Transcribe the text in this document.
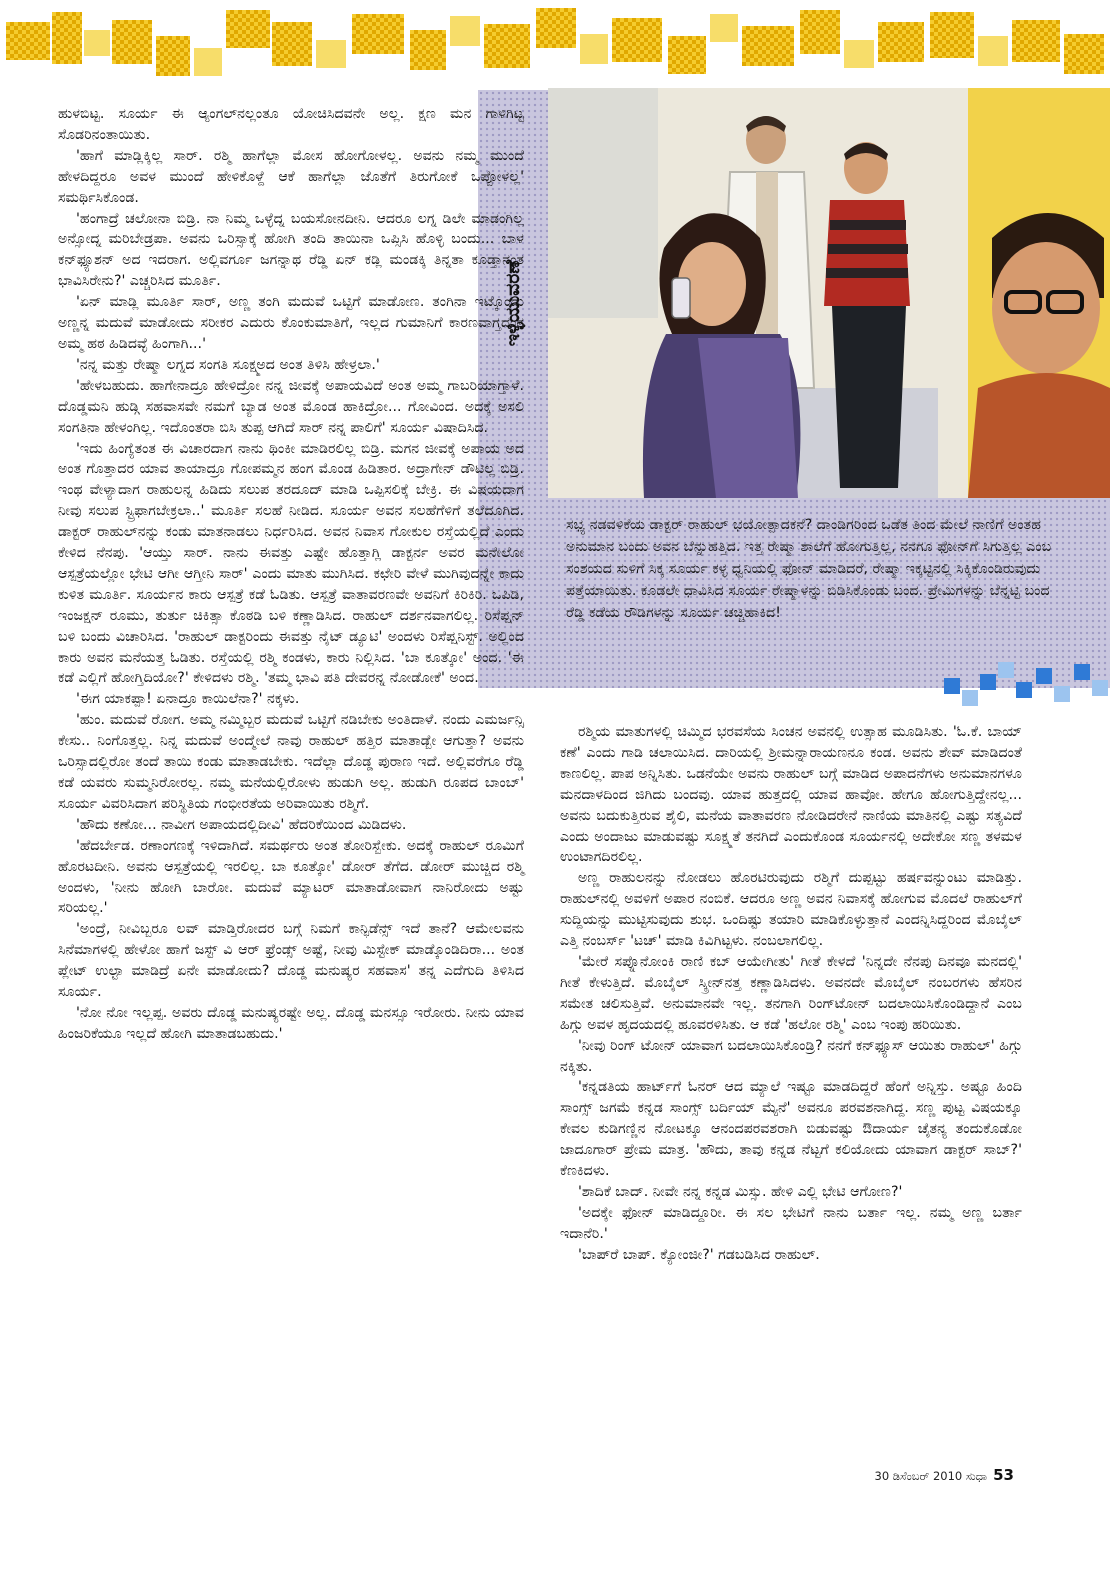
ಇಳ್ಳಿಯುವರಣೆ
ಸಭ್ಯ ನಡವಳಿಕೆಯ ಡಾಕ್ಟರ್ ರಾಹುಲ್ ಭಯೋತ್ಪಾದಕನೆ? ದಾಂಡಿಗರಿಂದ ಒಡೆತ ತಿಂದ ಮೇಲೆ ನಾಣಿಗೆ ಅಂತಹ ಅನುಮಾನ ಬಂದು ಅವನ ಬೆನ್ನುಹತ್ತಿದ. ಇತ್ತ ರೇಷ್ಮಾ ಶಾಲೆಗೆ ಹೋಗುತ್ತಿಲ್ಲ, ನನಗೂ ಫೋನ್‌ಗೆ ಸಿಗುತ್ತಿಲ್ಲ ಎಂಬ ಸಂಶಯದ ಸುಳಿಗೆ ಸಿಕ್ಕ ಸೂರ್ಯ ಕಳ್ಳ ಧ್ವನಿಯಲ್ಲಿ ಫೋನ್ ಮಾಡಿದರೆ, ರೇಷ್ಮಾ ಇಕ್ಕಟ್ಟಿನಲ್ಲಿ ಸಿಕ್ಕಿಕೊಂಡಿರುವುದು ಪತ್ತೆಯಾಯಿತು. ಕೂಡಲೇ ಧಾವಿಸಿದ ಸೂರ್ಯ ರೇಷ್ಮಾಳನ್ನು ಬಿಡಿಸಿಕೊಂಡು ಬಂದ. ಪ್ರೇಮಿಗಳನ್ನು ಬೆನ್ನಟ್ಟಿ ಬಂದ ರೆಡ್ಡಿ ಕಡೆಯ ರೌಡಿಗಳನ್ನು ಸೂರ್ಯ ಚಚ್ಚಿಹಾಕಿದ!

ಹುಳಬಿಟ್ಟ. ಸೂರ್ಯ ಈ ಆ್ಯಂಗಲ್‌ನಲ್ಲಂತೂ ಯೋಚಿಸಿದವನೇ ಅಲ್ಲ. ಕ್ಷಣ ಮನ ಗಾಳಿಗಿಟ್ಟ ಸೊಡರಿನಂತಾಯಿತು.

'ಹಾಗೆ ಮಾಡ್ಲಿಕ್ಕಿಲ್ಲ ಸಾರ್. ರಶ್ಮಿ ಹಾಗೆಲ್ಲಾ ಮೋಸ ಹೋಗೋಳಲ್ಲ. ಅವನು ನಮ್ಮ ಮುಂದೆ ಹೇಳದಿದ್ದರೂ ಅವಳ ಮುಂದೆ ಹೇಳಿಕೊಳ್ದೆ ಆಕೆ ಹಾಗೆಲ್ಲಾ ಜೊತೆಗೆ ತಿರುಗೋಕೆ ಒಪ್ಪೋಳಲ್ಲ' ಸಮರ್ಥಿಸಿಕೊಂಡ.

'ಹಂಗಾದ್ರೆ ಚಲೋನಾ ಬಿಡ್ರಿ. ನಾ ನಿಮ್ಮ ಒಳ್ಳೆದ್ನ ಬಯಸೋನದೀನಿ. ಆದರೂ ಲಗ್ನ ಡಿಲೇ ಮಾಡಂಗಿಲ್ಲ ಅನ್ಸೋದ್ನ ಮರಿಬೇಡ್ರಪಾ. ಅವನು ಒರಿಸ್ಸಾಕ್ಕೆ ಹೋಗಿ ತಂದಿ ತಾಯಿನಾ ಒಪ್ಸಿಸಿ ಹೊಳ್ಳಿ ಬಂದು... ಬಾಳ ಕನ್‌ಫ್ಯೂಶನ್ ಅದ ಇದರಾಗ. ಅಲ್ಲಿವರ್ಗೂ ಜಗನ್ನಾಥ ರೆಡ್ಡಿ ಏನ್ ಕಡ್ಲಿ ಮಂಡಕ್ಕಿ ತಿನ್ನತಾ ಕೂಡ್ತಾನಂತ ಭಾವಿಸಿರೇನು?' ಎಚ್ಚರಿಸಿದ ಮೂರ್ತಿ.

'ಏನ್ ಮಾಡ್ಲಿ ಮೂರ್ತಿ ಸಾರ್, ಅಣ್ಣ ತಂಗಿ ಮದುವೆ ಒಟ್ಟಿಗೆ ಮಾಡೋಣ. ತಂಗಿನಾ ಇಟ್ಕೊಂಡು ಅಣ್ಣನ್ನ ಮದುವೆ ಮಾಡೋದು ಸರೀಕರ ಎದುರು ಕೊಂಕುಮಾತಿಗೆ, ಇಲ್ಲದ ಗುಮಾನಿಗೆ ಕಾರಣವಾಗ್ತದಂತ ಅಮ್ಮ ಹಠ ಹಿಡಿದವ್ಳೆ ಹಿಂಗಾಗಿ...'

'ನನ್ನ ಮತ್ತು ರೇಷ್ಮಾ ಲಗ್ನದ ಸಂಗತಿ ಸೂಕ್ಷ್ಮಅದ ಅಂತ ತಿಳಿಸಿ ಹೇಳ್ರಲಾ.'

'ಹೇಳಬಹುದು. ಹಾಗೇನಾದ್ರೂ ಹೇಳಿದ್ರೋ ನನ್ನ ಜೀವಕ್ಕೆ ಅಪಾಯವಿದೆ ಅಂತ ಅಮ್ಮ ಗಾಬರಿಯಾಗ್ತಾಳೆ. ದೊಡ್ಡಮನಿ ಹುಡ್ಗಿ ಸಹವಾಸವೇ ನಮಗೆ ಬ್ಯಾಡ ಅಂತ ಮೊಂಡ ಹಾಕಿದ್ರೋ... ಗೋವಿಂದ. ಅದಕ್ಕೆ ಅಸಲಿ ಸಂಗತಿನಾ ಹೇಳಂಗಿಲ್ಲ. ಇದೊಂತರಾ ಬಿಸಿ ತುಪ್ಪ ಆಗಿದೆ ಸಾರ್ ನನ್ನ ಪಾಲಿಗೆ' ಸೂರ್ಯ ವಿಷಾದಿಸಿದ.

'ಇದು ಹಿಂಗ್ಯೆತಂತ ಈ ವಿಚಾರದಾಗ ನಾನು ಥಿಂಕೀ ಮಾಡಿರಲಿಲ್ಲ ಬಿಡ್ರಿ. ಮಗನ ಜೀವಕ್ಕೆ ಅಪಾಯ ಅದ ಅಂತ ಗೊತ್ತಾದರ ಯಾವ ತಾಯಾದ್ರೂ ಗೋಪಮ್ಮನ ಹಂಗ ಮೊಂಡ ಹಿಡಿತಾರ. ಅದ್ರಾಗೇನ್ ಡೌಟಿಲ್ಲ ಬಿಡ್ರಿ. ಇಂಥ ವೇಳ್ಯಾದಾಗ ರಾಹುಲನ್ನ ಹಿಡಿದು ಸಲುಪ ತರದೂದ್ ಮಾಡಿ ಒಪ್ಪಿಸಲಿಕ್ಕೆ ಬೇಕ್ರಿ. ಈ ವಿಷಯದಾಗ ನೀವು ಸಲುಪ ಸ್ಟ್ರಿಫಾಗಬೇಕ್ರಲಾ..' ಮೂರ್ತಿ ಸಲಹೆ ನೀಡಿದ. ಸೂರ್ಯ ಅವನ ಸಲಹೆಗೆಳಿಗೆ ತಲೆದೂಗಿದ. ಡಾಕ್ಟರ್ ರಾಹುಲ್‌ನನ್ನು ಕಂಡು ಮಾತನಾಡಲು ನಿರ್ಧರಿಸಿದ. ಅವನ ನಿವಾಸ ಗೋಕುಲ ರಸ್ತೆಯಲ್ಲಿದೆ ಎಂದು ಕೇಳಿದ ನೆನಪು. 'ಆಯ್ತು ಸಾರ್. ನಾನು ಈವತ್ತು ಎಷ್ಟೇ ಹೊತ್ತಾಗ್ಲಿ ಡಾಕ್ಟರ್ನ ಅವರ ಮನೇಲೋ ಆಸ್ಪತ್ರೆಯಲ್ಲೋ ಭೇಟಿ ಆಗೀ ಆಗ್ತೀನಿ ಸಾರ್' ಎಂದು ಮಾತು ಮುಗಿಸಿದ. ಕಛೇರಿ ವೇಳೆ ಮುಗಿವುದನ್ನೇ ಕಾದು ಕುಳಿತ ಮೂರ್ತಿ. ಸೂರ್ಯನ ಕಾರು ಆಸ್ಪತ್ರೆ ಕಡೆ ಓಡಿತು. ಆಸ್ಪತ್ರೆ ವಾತಾವರಣವೇ ಅವನಿಗೆ ಕಿರಿಕಿರಿ. ಒಪಿಡಿ, ಇಂಜಕ್ಷನ್ ರೂಮು, ತುರ್ತು ಚಿಕಿತ್ಸಾ ಕೊಠಡಿ ಬಳಿ ಕಣ್ಣಾಡಿಸಿದ. ರಾಹುಲ್ ದರ್ಶನವಾಗಲಿಲ್ಲ. ರಿಸೆಪ್ಷನ್ ಬಳಿ ಬಂದು ವಿಚಾರಿಸಿದ. 'ರಾಹುಲ್ ಡಾಕ್ಟರಿಂದು ಈವತ್ತು ನೈಟ್ ಡ್ಯೂಟಿ' ಅಂದಳು ರಿಸೆಪ್ಷನಿಸ್ಟ್. ಅಲ್ಲಿಂದ ಕಾರು ಅವನ ಮನೆಯತ್ತ ಓಡಿತು. ರಸ್ತೆಯಲ್ಲಿ ರಶ್ಮಿ ಕಂಡಳು, ಕಾರು ನಿಲ್ಲಿಸಿದ. 'ಬಾ ಕೂತ್ಕೋ' ಅಂದ. 'ಈ ಕಡೆ ಎಲ್ಲಿಗೆ ಹೋಗ್ತಿದಿಯೋ?' ಕೇಳಿದಳು ರಶ್ಮಿ. 'ತಮ್ಮ ಭಾವಿ ಪತಿ ದೇವರನ್ನ ನೋಡೋಕೆ' ಅಂದ.

'ಈಗ ಯಾಕಪ್ಪಾ! ಏನಾದ್ರೂ ಕಾಯಿಲೆನಾ?' ನಕ್ಕಳು.

'ಹುಂ. ಮದುವೆ ರೋಗ. ಅಮ್ಮ ನಮ್ಮಿಬ್ಬರ ಮದುವೆ ಒಟ್ಟಿಗೆ ನಡಿಬೇಕು ಅಂತಿದಾಳೆ. ನಂದು ಎಮರ್ಜನ್ಸಿ ಕೇಸು.. ನಿಂಗೊತ್ತಲ್ಲ. ನಿನ್ನ ಮದುವೆ ಅಂದ್ಮೇಲೆ ನಾವು ರಾಹುಲ್ ಹತ್ತಿರ ಮಾತಾಡ್ಬೇ ಆಗುತ್ತಾ? ಅವನು ಒರಿಸ್ಸಾದಲ್ಲಿರೋ ತಂದೆ ತಾಯಿ ಕಂಡು ಮಾತಾಡಬೇಕು. ಇದೆಲ್ಲಾ ದೊಡ್ಡ ಪುರಾಣ ಇದೆ. ಅಲ್ಲಿವರೆಗೂ ರೆಡ್ಡಿ ಕಡೆ ಯವರು ಸುಮ್ಮನಿರೋರಲ್ಲ. ನಮ್ಮ ಮನೆಯಲ್ಲಿರೋಳು ಹುಡುಗಿ ಅಲ್ಲ. ಹುಡುಗಿ ರೂಪದ ಬಾಂಬ್' ಸೂರ್ಯ ವಿವರಿಸಿದಾಗ ಪರಿಸ್ಥಿತಿಯ ಗಂಭೀರತೆಯ ಅರಿವಾಯಿತು ರಶ್ಮಿಗೆ.

'ಹೌದು ಕಣೋ... ನಾವೀಗ ಅಪಾಯದಲ್ಲಿದೀವಿ' ಹೆದರಿಕೆಯಿಂದ ಮಿಡಿದಳು.

'ಹೆದರ್ಬೇಡ. ರಣಾಂಗಣಕ್ಕೆ ಇಳಿದಾಗಿದೆ. ಸಮರ್ಥರು ಅಂತ ತೋರಿಸ್ಬೇಕು. ಅದಕ್ಕೆ ರಾಹುಲ್ ರೂಮಿಗೆ ಹೊರಟದೀನಿ. ಅವನು ಆಸ್ಪತ್ರೆಯಲ್ಲಿ ಇರಲಿಲ್ಲ. ಬಾ ಕೂತ್ಕೋ' ಡೋರ್ ತೆಗೆದ. ಡೋರ್ ಮುಚ್ಚಿದ ರಶ್ಮಿ ಅಂದಳು, 'ನೀನು ಹೋಗಿ ಬಾರೋ. ಮದುವೆ ಮ್ಯಾಟರ್ ಮಾತಾಡೋವಾಗ ನಾನಿರೋದು ಅಷ್ಟು ಸರಿಯಲ್ಲ.'

'ಅಂದ್ರೆ, ನೀವಿಬ್ಬರೂ ಲವ್ ಮಾಡ್ತಿರೋದರ ಬಗ್ಗೆ ನಿಮಗೆ ಕಾನ್ಫಿಡೆನ್ಸ್ ಇದೆ ತಾನೆ? ಆಮೇಲವನು ಸಿನೆಮಾಗಳಲ್ಲಿ ಹೇಳೋ ಹಾಗೆ ಜಸ್ಟ್ ವಿ ಆರ್ ಫ್ರೆಂಡ್ಸ್ ಅಷ್ಟೆ, ನೀವು ಮಿಸ್ಟೇಕ್ ಮಾಡ್ಕೊಂಡಿದಿರಾ... ಅಂತ ಪ್ಲೇಟ್ ಉಲ್ಟಾ ಮಾಡಿದ್ರೆ ಏನೇ ಮಾಡೋದು? ದೊಡ್ಡ ಮನುಷ್ಯರ ಸಹವಾಸ' ತನ್ನ ಎದೆಗುದಿ ತಿಳಿಸಿದ ಸೂರ್ಯ.

'ನೋ ನೋ ಇಲ್ಲಪ್ಪ. ಅವರು ದೊಡ್ಡ ಮನುಷ್ಯರಷ್ಟೇ ಅಲ್ಲ. ದೊಡ್ಡ ಮನಸ್ಸೂ ಇರೋರು. ನೀನು ಯಾವ ಹಿಂಜರಿಕೆಯೂ ಇಲ್ಲದೆ ಹೋಗಿ ಮಾತಾಡಬಹುದು.'

ರಶ್ಮಿಯ ಮಾತುಗಳಲ್ಲಿ ಚಿಮ್ಮಿದ ಭರವಸೆಯ ಸಿಂಚನ ಅವನಲ್ಲಿ ಉತ್ಸಾಹ ಮೂಡಿಸಿತು. 'ಓ.ಕೆ. ಬಾಯ್ ಕಣೆ' ಎಂದು ಗಾಡಿ ಚಲಾಯಿಸಿದ. ದಾರಿಯಲ್ಲಿ ಶ್ರೀಮನ್ನಾರಾಯಣನೂ ಕಂಡ. ಅವನು ಶೇವ್ ಮಾಡಿದಂತೆ ಕಾಣಲಿಲ್ಲ. ಪಾಪ ಅನ್ನಿಸಿತು. ಒಡನೆಯೇ ಅವನು ರಾಹುಲ್ ಬಗ್ಗೆ ಮಾಡಿದ ಅಪಾದನೆಗಳು ಅನುಮಾನಗಳೂ ಮನದಾಳದಿಂದ ಜಿಗಿದು ಬಂದವು. ಯಾವ ಹುತ್ತದಲ್ಲಿ ಯಾವ ಹಾವೋ. ಹೇಗೂ ಹೋಗುತ್ತಿದ್ದೇನಲ್ಲ... ಅವನು ಬದುಕುತ್ತಿರುವ ಶೈಲಿ, ಮನೆಯ ವಾತಾವರಣ ನೋಡಿದರೇನೆ ನಾಣಿಯ ಮಾತಿನಲ್ಲಿ ಎಷ್ಟು ಸತ್ಯವಿದೆ ಎಂದು ಅಂದಾಜು ಮಾಡುವಷ್ಟು ಸೂಕ್ಷ್ಮತೆ ತನಗಿದೆ ಎಂದುಕೊಂಡ ಸೂರ್ಯನಲ್ಲಿ ಅದೇಕೋ ಸಣ್ಣ ತಳಮಳ ಉಂಟಾಗದಿರಲಿಲ್ಲ.

ಅಣ್ಣ ರಾಹುಲನನ್ನು ನೋಡಲು ಹೊರಟಿರುವುದು ರಶ್ಮಿಗೆ ದುಪ್ಪಟ್ಟು ಹರ್ಷವನ್ನುಂಟು ಮಾಡಿತ್ತು. ರಾಹುಲ್‌ನಲ್ಲಿ ಅವಳಿಗೆ ಅಪಾರ ನಂಬಿಕೆ. ಆದರೂ ಅಣ್ಣ ಅವನ ನಿವಾಸಕ್ಕೆ ಹೋಗುವ ಮೊದಲೆ ರಾಹುಲ್‌ಗೆ ಸುದ್ದಿಯನ್ನು ಮುಟ್ಟಿಸುವುದು ಶುಭ. ಒಂದಿಷ್ಟು ತಯಾರಿ ಮಾಡಿಕೊಳ್ಳುತ್ತಾನೆ ಎಂದನ್ನಿಸಿದ್ದರಿಂದ ಮೊಬೈಲ್ ಎತ್ತಿ ನಂಬರ್ಸ್ 'ಟಚ್' ಮಾಡಿ ಕಿವಿಗಿಟ್ಟಳು. ನಂಬಲಾಗಲಿಲ್ಲ.

'ಮೇರೆ ಸಪ್ನೊನೋಂಕಿ ರಾಣಿ ಕಬ್ ಆಯೇಗೀತು' ಗೀತೆ ಕೇಳದೆ 'ನಿನ್ನದೇ ನೆನಪು ದಿನವೂ ಮನದಲ್ಲಿ' ಗೀತೆ ಕೇಳುತ್ತಿದೆ. ಮೊಬೈಲ್ ಸ್ಕ್ರೀನ್‌ನತ್ತ ಕಣ್ಣಾಡಿಸಿದಳು. ಅವನದೇ ಮೊಬೈಲ್ ನಂಬರಗಳು ಹೆಸರಿನ ಸಮೇತ ಚಲಿಸುತ್ತಿವೆ. ಅನುಮಾನವೇ ಇಲ್ಲ. ತನಗಾಗಿ ರಿಂಗ್‌ಟೋನ್ ಬದಲಾಯಿಸಿಕೊಂಡಿದ್ದಾನೆ ಎಂಬ ಹಿಗ್ಗು ಅವಳ ಹೃದಯದಲ್ಲಿ ಹೂವರಳಿಸಿತು. ಆ ಕಡೆ 'ಹಲೋ ರಶ್ಮಿ' ಎಂಬ ಇಂಪು ಹರಿಯಿತು.

'ನೀವು ರಿಂಗ್ ಟೋನ್ ಯಾವಾಗ ಬದಲಾಯಿಸಿಕೊಂಡ್ರಿ? ನನಗೆ ಕನ್‌ಫ್ಯೂಸ್ ಆಯಿತು ರಾಹುಲ್' ಹಿಗ್ಗು ನಕ್ಕಿತು.

'ಕನ್ನಡತಿಯ ಹಾರ್ಟ್‌ಗೆ ಓನರ್ ಆದ ಮ್ಯಾಲೆ ಇಷ್ಟೂ ಮಾಡದಿದ್ದರೆ ಹೆಂಗೆ ಅನ್ನಿಸ್ತು. ಅಷ್ಟೂ ಹಿಂದಿ ಸಾಂಗ್ಸ್ ಜಗಮೆ ಕನ್ನಡ ಸಾಂಗ್ಸ್ ಬರ್ದಿಯ್ ಮ್ಯೆನೆ' ಅವನೂ ಪರವಶನಾಗಿದ್ದ. ಸಣ್ಣ ಪುಟ್ಟ ವಿಷಯಕ್ಕೂ ಕೇವಲ ಕುಡಿಗಣ್ಣಿನ ನೋಟಕ್ಕೂ ಆನಂದಪರವಶರಾಗಿ ಬಿಡುವಷ್ಟು ಔದಾರ್ಯ ಚೈತನ್ಯ ತಂದುಕೊಡೋ ಜಾದೂಗಾರ್ ಪ್ರೇಮ ಮಾತ್ರ. 'ಹೌದು, ತಾವು ಕನ್ನಡ ನೆಟ್ಟಗೆ ಕಲಿಯೋದು ಯಾವಾಗ ಡಾಕ್ಟರ್ ಸಾಬ್?' ಕೆಣಕಿದಳು.

'ಶಾದಿಕೆ ಬಾದ್. ನೀವೇ ನನ್ನ ಕನ್ನಡ ಮಿಸ್ಸು. ಹೇಳಿ ಎಲ್ಲಿ ಭೇಟಿ ಆಗೋಣ?'

'ಅದಕ್ಕೇ ಫೋನ್ ಮಾಡಿದ್ದೂರೀ. ಈ ಸಲ ಭೇಟಿಗೆ ನಾನು ಬರ್ತಾ ಇಲ್ಲ. ನಮ್ಮ ಅಣ್ಣ ಬರ್ತಾ ಇದಾನೆರಿ.'

'ಬಾಪ್‌ರೆ ಬಾಪ್. ಕ್ಯೋಂಜೀ?' ಗಡಬಡಿಸಿದ ರಾಹುಲ್.

30 ಡಿಸೆಂಬರ್ 2010 ಸುಧಾ 53
